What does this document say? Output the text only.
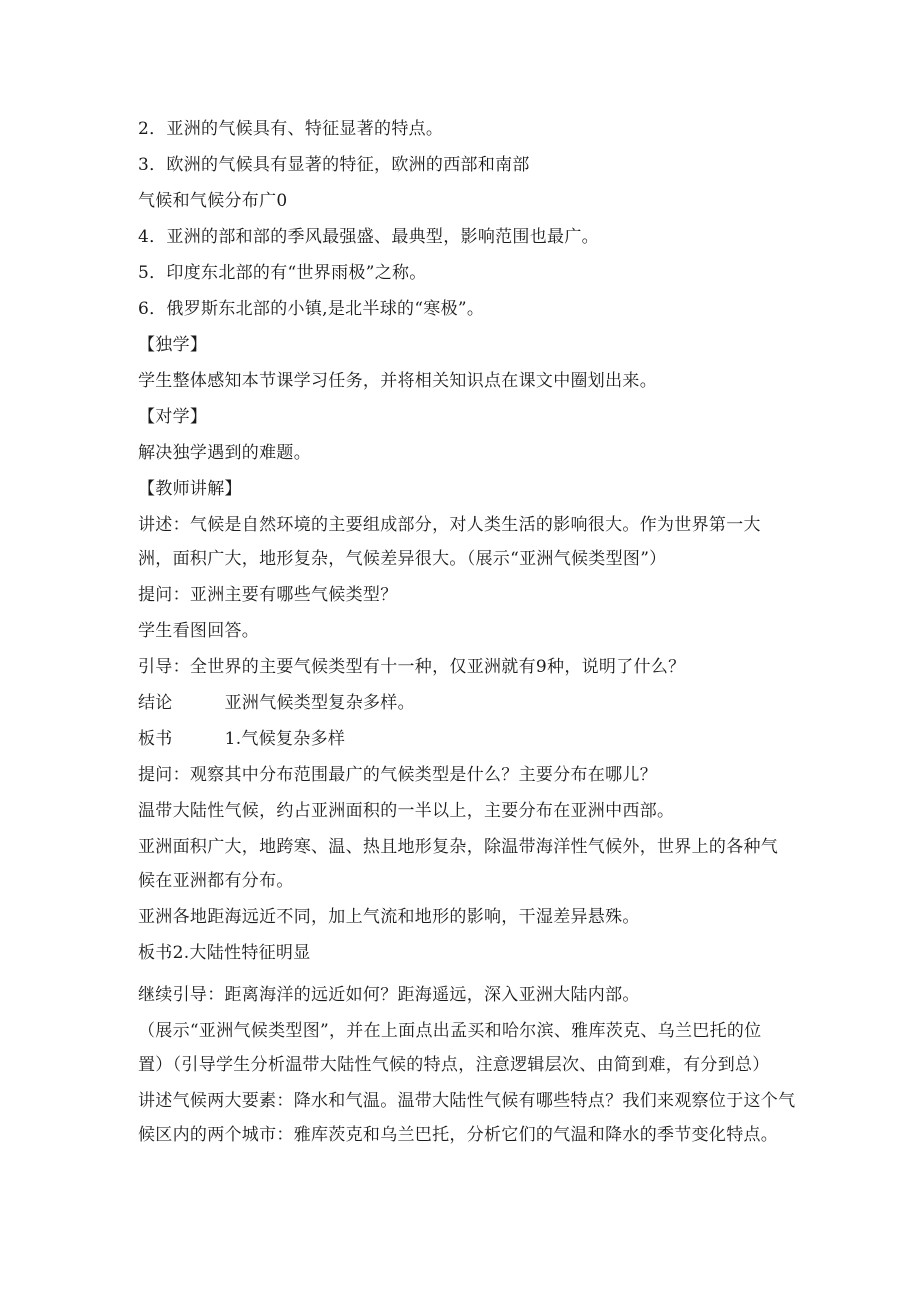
2．亚洲的气候具有、特征显著的特点。
3．欧洲的气候具有显著的特征，欧洲的西部和南部
气候和气候分布广0
4．亚洲的部和部的季风最强盛、最典型，影响范围也最广。
5．印度东北部的有“世界雨极”之称。
6．俄罗斯东北部的小镇,是北半球的“寒极”。
【独学】
学生整体感知本节课学习任务，并将相关知识点在课文中圈划出来。
【对学】
解决独学遇到的难题。
【教师讲解】
讲述：气候是自然环境的主要组成部分，对人类生活的影响很大。作为世界第一大
洲，面积广大，地形复杂，气候差异很大。（展示“亚洲气候类型图”）
提问：亚洲主要有哪些气候类型？
学生看图回答。
引导：全世界的主要气候类型有十一种，仅亚洲就有9种，说明了什么？
结论	亚洲气候类型复杂多样。
板书	1.气候复杂多样
提问：观察其中分布范围最广的气候类型是什么？主要分布在哪儿？
温带大陆性气候，约占亚洲面积的一半以上，主要分布在亚洲中西部。
亚洲面积广大，地跨寒、温、热且地形复杂，除温带海洋性气候外，世界上的各种气
候在亚洲都有分布。
亚洲各地距海远近不同，加上气流和地形的影响，干湿差异悬殊。
板书2.大陆性特征明显
继续引导：距离海洋的远近如何？距海遥远，深入亚洲大陆内部。
（展示“亚洲气候类型图”，并在上面点出孟买和哈尔滨、雅库茨克、乌兰巴托的位
置）（引导学生分析温带大陆性气候的特点，注意逻辑层次、由简到难，有分到总）
讲述气候两大要素：降水和气温。温带大陆性气候有哪些特点？我们来观察位于这个气
候区内的两个城市：雅库茨克和乌兰巴托，分析它们的气温和降水的季节变化特点。
